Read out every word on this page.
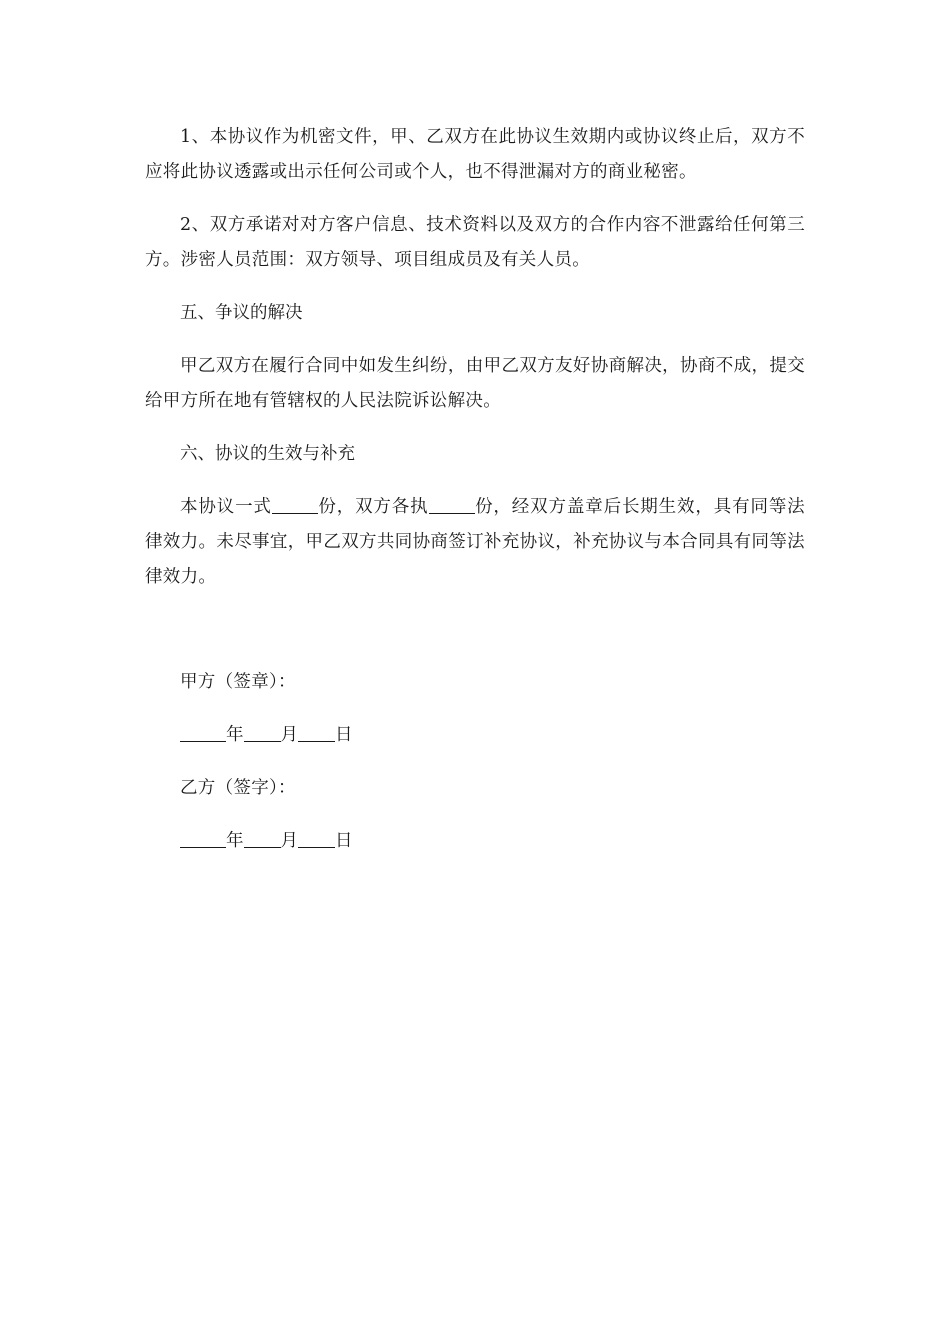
1、本协议作为机密文件，甲、乙双方在此协议生效期内或协议终止后，双方不应将此协议透露或出示任何公司或个人，也不得泄漏对方的商业秘密。

2、双方承诺对对方客户信息、技术资料以及双方的合作内容不泄露给任何第三方。涉密人员范围：双方领导、项目组成员及有关人员。

五、争议的解决

甲乙双方在履行合同中如发生纠纷，由甲乙双方友好协商解决，协商不成，提交给甲方所在地有管辖权的人民法院诉讼解决。

六、协议的生效与补充

本协议一式	份，双方各执	份，经双方盖章后长期生效，具有同等法律效力。未尽事宜，甲乙双方共同协商签订补充协议，补充协议与本合同具有同等法律效力。

甲方（签章）：

年 月 日

乙方（签字）：

年 月 日
